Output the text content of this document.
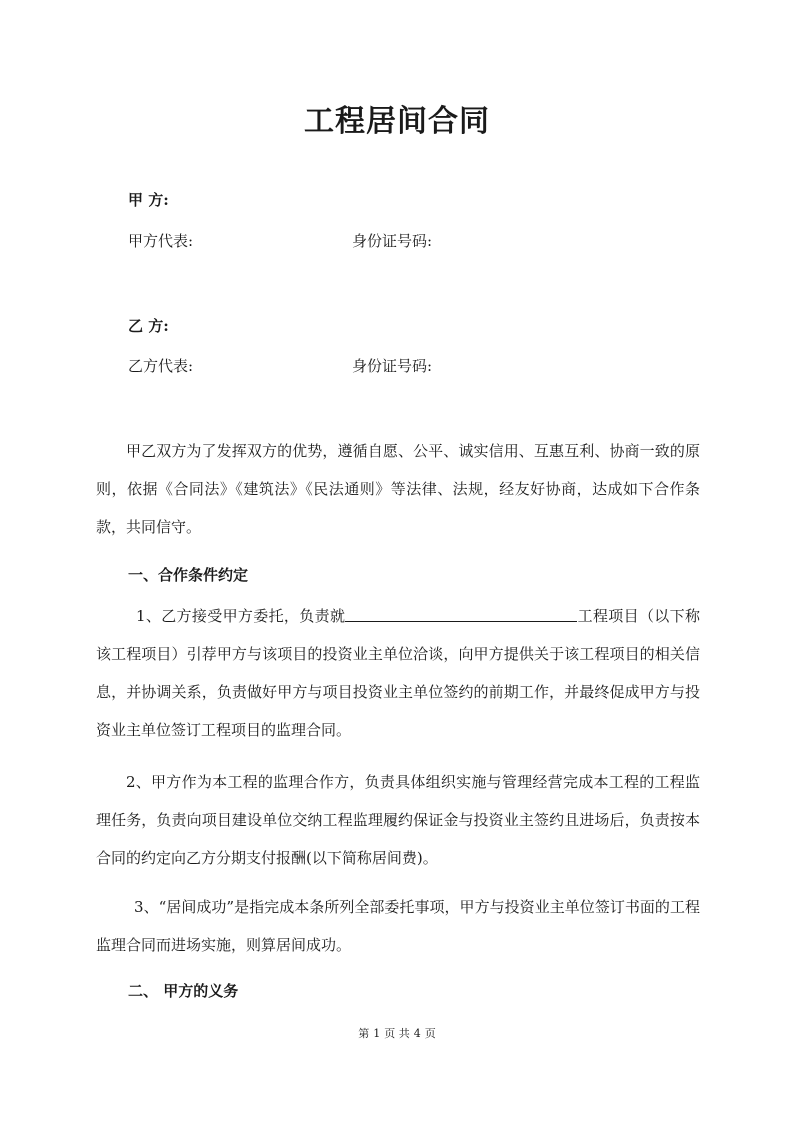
工程居间合同
甲 方:
甲方代表:	身份证号码:
乙 方:
乙方代表:	身份证号码:
甲乙双方为了发挥双方的优势，遵循自愿、公平、诚实信用、互惠互利、协商一致的原则，依据《合同法》《建筑法》《民法通则》等法律、法规，经友好协商，达成如下合作条款，共同信守。
一、合作条件约定
1、乙方接受甲方委托，负责就	工程项目（以下称该工程项目）引荐甲方与该项目的投资业主单位洽谈，向甲方提供关于该工程项目的相关信息，并协调关系，负责做好甲方与项目投资业主单位签约的前期工作，并最终促成甲方与投资业主单位签订工程项目的监理合同。
2、甲方作为本工程的监理合作方，负责具体组织实施与管理经营完成本工程的工程监理任务，负责向项目建设单位交纳工程监理履约保证金与投资业主签约且进场后，负责按本合同的约定向乙方分期支付报酬(以下简称居间费)。
3、“居间成功”是指完成本条所列全部委托事项，甲方与投资业主单位签订书面的工程监理合同而进场实施，则算居间成功。
二、 甲方的义务
第 1 页 共 4 页
